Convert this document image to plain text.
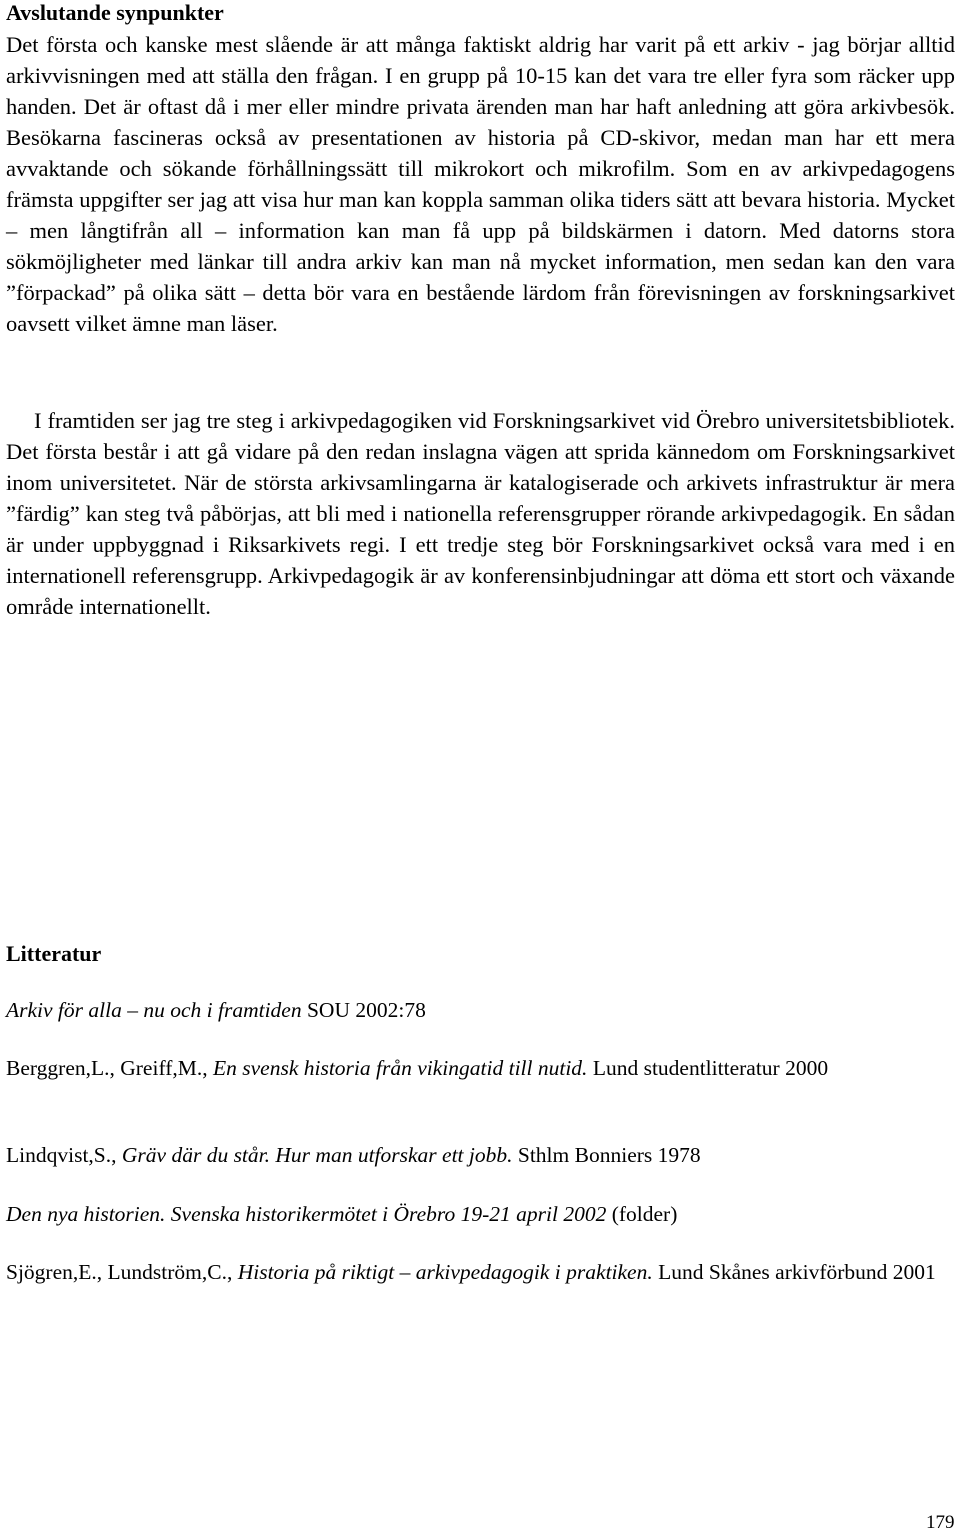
Avslutande synpunkter

Det första och kanske mest slående är att många faktiskt aldrig har varit på ett arkiv - jag börjar alltid arkivvisningen med att ställa den frågan. I en grupp på 10-15 kan det vara tre eller fyra som räcker upp handen. Det är oftast då i mer eller mindre privata ärenden man har haft anledning att göra arkivbesök. Besökarna fascineras också av presentationen av historia på CD-skivor, medan man har ett mera avvaktande och sökande förhållningssätt till mikrokort och mikrofilm. Som en av arkivpedagogens främsta uppgifter ser jag att visa hur man kan koppla samman olika tiders sätt att bevara historia. Mycket – men långtifrån all – information kan man få upp på bildskärmen i datorn. Med datorns stora sökmöjligheter med länkar till andra arkiv kan man nå mycket information, men sedan kan den vara ”förpackad” på olika sätt – detta bör vara en bestående lärdom från förevisningen av forskningsarkivet oavsett vilket ämne man läser.

I framtiden ser jag tre steg i arkivpedagogiken vid Forskningsarkivet vid Örebro universitetsbibliotek. Det första består i att gå vidare på den redan inslagna vägen att sprida kännedom om Forskningsarkivet inom universitetet. När de största arkivsamlingarna är katalogiserade och arkivets infrastruktur är mera ”färdig” kan steg två påbörjas, att bli med i nationella referensgrupper rörande arkivpedagogik. En sådan är under uppbyggnad i Riksarkivets regi. I ett tredje steg bör Forskningsarkivet också vara med i en internationell referensgrupp. Arkivpedagogik är av konferensinbjudningar att döma ett stort och växande område internationellt.

Litteratur
Arkiv för alla – nu och i framtiden SOU 2002:78
Berggren,L., Greiff,M., En svensk historia från vikingatid till nutid. Lund studentlitteratur 2000
Lindqvist,S., Gräv där du står. Hur man utforskar ett jobb. Sthlm Bonniers 1978
Den nya historien. Svenska historikermötet i Örebro 19-21 april 2002 (folder)
Sjögren,E., Lundström,C., Historia på riktigt – arkivpedagogik i praktiken. Lund Skånes arkivförbund 2001
179
